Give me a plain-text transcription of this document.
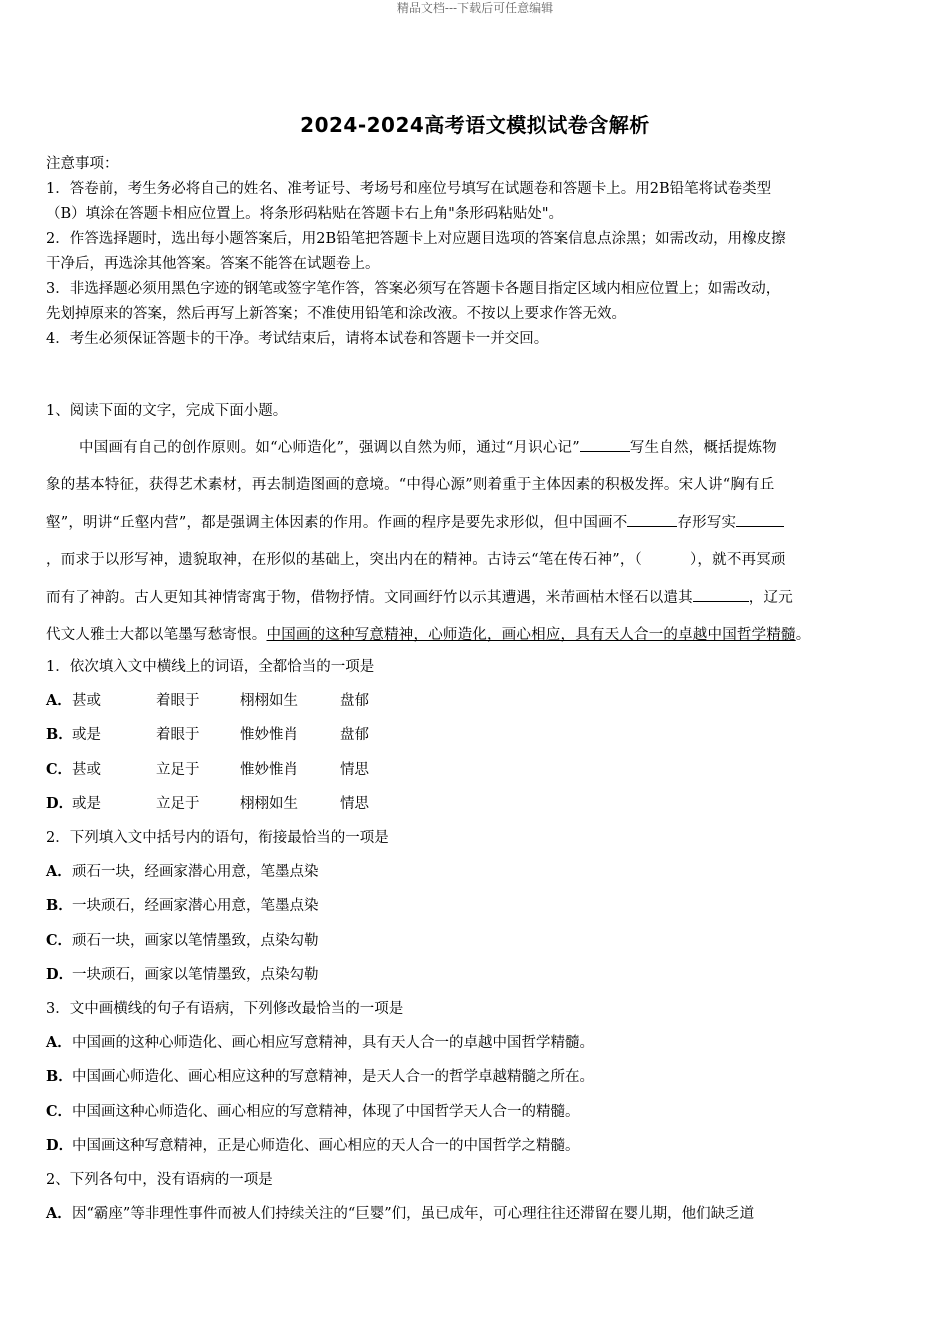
精品文档---下载后可任意编辑
2024-2024高考语文模拟试卷含解析
注意事项：
1．答卷前，考生务必将自己的姓名、准考证号、考场号和座位号填写在试题卷和答题卡上。用2B铅笔将试卷类型
（B）填涂在答题卡相应位置上。将条形码粘贴在答题卡右上角"条形码粘贴处"。
2．作答选择题时，选出每小题答案后，用2B铅笔把答题卡上对应题目选项的答案信息点涂黑；如需改动，用橡皮擦
干净后，再选涂其他答案。答案不能答在试题卷上。
3．非选择题必须用黑色字迹的钢笔或签字笔作答，答案必须写在答题卡各题目指定区域内相应位置上；如需改动，
先划掉原来的答案，然后再写上新答案；不准使用铅笔和涂改液。不按以上要求作答无效。
4．考生必须保证答题卡的干净。考试结束后，请将本试卷和答题卡一并交回。
1、阅读下面的文字，完成下面小题。
中国画有自己的创作原则。如“心师造化”，强调以自然为师，通过“月识心记”	写生自然，概括提炼物
象的基本特征，获得艺术素材，再去制造图画的意境。“中得心源”则着重于主体因素的积极发挥。宋人讲“胸有丘
壑”，明讲“丘壑内营”，都是强调主体因素的作用。作画的程序是要先求形似，但中国画不	存形写实
，而求于以形写神，遗貌取神，在形似的基础上，突出内在的精神。古诗云“笔在传石神”，（	），就不再冥顽
而有了神韵。古人更知其神情寄寓于物，借物抒情。文同画纡竹以示其遭遇，米芾画枯木怪石以遣其	，辽元
代文人雅士大都以笔墨写愁寄恨。中国画的这种写意精神，心师造化，画心相应，具有天人合一的卓越中国哲学精髓。
1．依次填入文中横线上的词语，全都恰当的一项是
A．甚或	着眼于	栩栩如生	盘郁
B．或是	着眼于	惟妙惟肖	盘郁
C．甚或	立足于	惟妙惟肖	情思
D．或是	立足于	栩栩如生	情思
2．下列填入文中括号内的语句，衔接最恰当的一项是
A．顽石一块，经画家潜心用意，笔墨点染
B．一块顽石，经画家潜心用意，笔墨点染
C．顽石一块，画家以笔情墨致，点染勾勒
D．一块顽石，画家以笔情墨致，点染勾勒
3．文中画横线的句子有语病，下列修改最恰当的一项是
A．中国画的这种心师造化、画心相应写意精神，具有天人合一的卓越中国哲学精髓。
B．中国画心师造化、画心相应这种的写意精神，是天人合一的哲学卓越精髓之所在。
C．中国画这种心师造化、画心相应的写意精神，体现了中国哲学天人合一的精髓。
D．中国画这种写意精神，正是心师造化、画心相应的天人合一的中国哲学之精髓。
2、下列各句中，没有语病的一项是
A．因“霸座”等非理性事件而被人们持续关注的“巨婴”们，虽已成年，可心理往往还滞留在婴儿期，他们缺乏道
